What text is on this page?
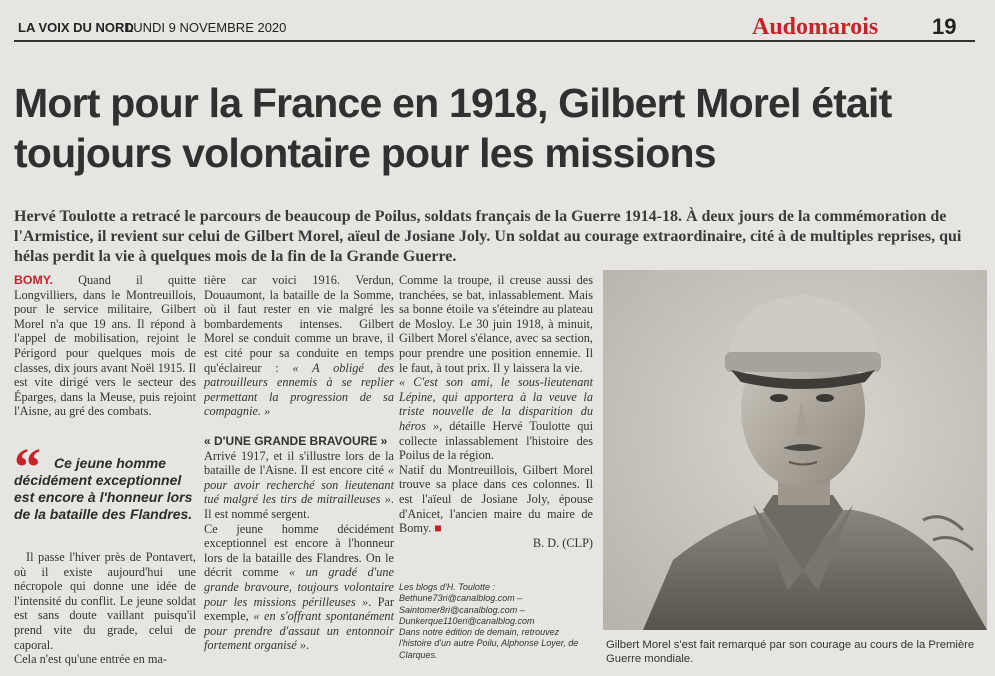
LA VOIX DU NORD
LUNDI 9 NOVEMBRE 2020	Audomarois 19
Mort pour la France en 1918, Gilbert Morel était toujours volontaire pour les missions
Hervé Toulotte a retracé le parcours de beaucoup de Poilus, soldats français de la Guerre 1914-18. À deux jours de la commémoration de l'Armistice, il revient sur celui de Gilbert Morel, aïeul de Josiane Joly. Un soldat au courage extraordinaire, cité à de multiples reprises, qui hélas perdit la vie à quelques mois de la fin de la Grande Guerre.

BOMY. Quand il quitte Longvilliers, dans le Montreuillois, pour le service militaire, Gilbert Morel n'a que 19 ans. Il répond à l'appel de mobilisation, rejoint le Périgord pour quelques mois de classes, dix jours avant Noël 1915. Il est vite dirigé vers le secteur des Éparges, dans la Meuse, puis rejoint l'Aisne, au gré des combats.

“ Ce jeune homme décidément exceptionnel est encore à l'honneur lors de la bataille des Flandres.

Il passe l'hiver près de Pontavert, où il existe aujourd'hui une nécropole qui donne une idée de l'intensité du conflit. Le jeune soldat est sans doute vaillant puisqu'il prend vite du grade, celui de caporal.

Cela n'est qu'une entrée en ma-

tière car voici 1916. Verdun, Douaumont, la bataille de la Somme, où il faut rester en vie malgré les bombardements intenses. Gilbert Morel se conduit comme un brave, il est cité pour sa conduite en temps qu'éclaireur : « A obligé des patrouilleurs ennemis à se replier permettant la progression de sa compagnie. »

« D'UNE GRANDE BRAVOURE »

Arrivé 1917, et il s'illustre lors de la bataille de l'Aisne. Il est encore cité « pour avoir recherché son lieutenant tué malgré les tirs de mitrailleuses ». Il est nommé sergent.

Ce jeune homme décidément exceptionnel est encore à l'honneur lors de la bataille des Flandres. On le décrit comme « un gradé d'une grande bravoure, toujours volontaire pour les missions périlleuses ». Par exemple, « en s'offrant spontanément pour prendre d'assaut un entonnoir fortement organisé ».

Comme la troupe, il creuse aussi des tranchées, se bat, inlassablement. Mais sa bonne étoile va s'éteindre au plateau de Mosloy. Le 30 juin 1918, à minuit, Gilbert Morel s'élance, avec sa section, pour prendre une position ennemie. Il le faut, à tout prix. Il y laissera la vie.

« C'est son ami, le sous-lieutenant Lépine, qui apportera à la veuve la triste nouvelle de la disparition du héros », détaille Hervé Toulotte qui collecte inlassablement l'histoire des Poilus de la région.

Natif du Montreuillois, Gilbert Morel trouve sa place dans ces colonnes. Il est l'aïeul de Josiane Joly, épouse d'Anicet, l'ancien maire du maire de Bomy. ■

B. D. (CLP)

Les blogs d'H. Toulotte : Bethune73ri@canalblog.com – Saintomer8ri@canalblog.com – Dunkerque110eri@canalblog.com
Dans notre édition de demain, retrouvez l'histoire d'un autre Poilu, Alphonse Loyer, de Clarques.
Gilbert Morel s'est fait remarqué par son courage au cours de la Première Guerre mondiale.
